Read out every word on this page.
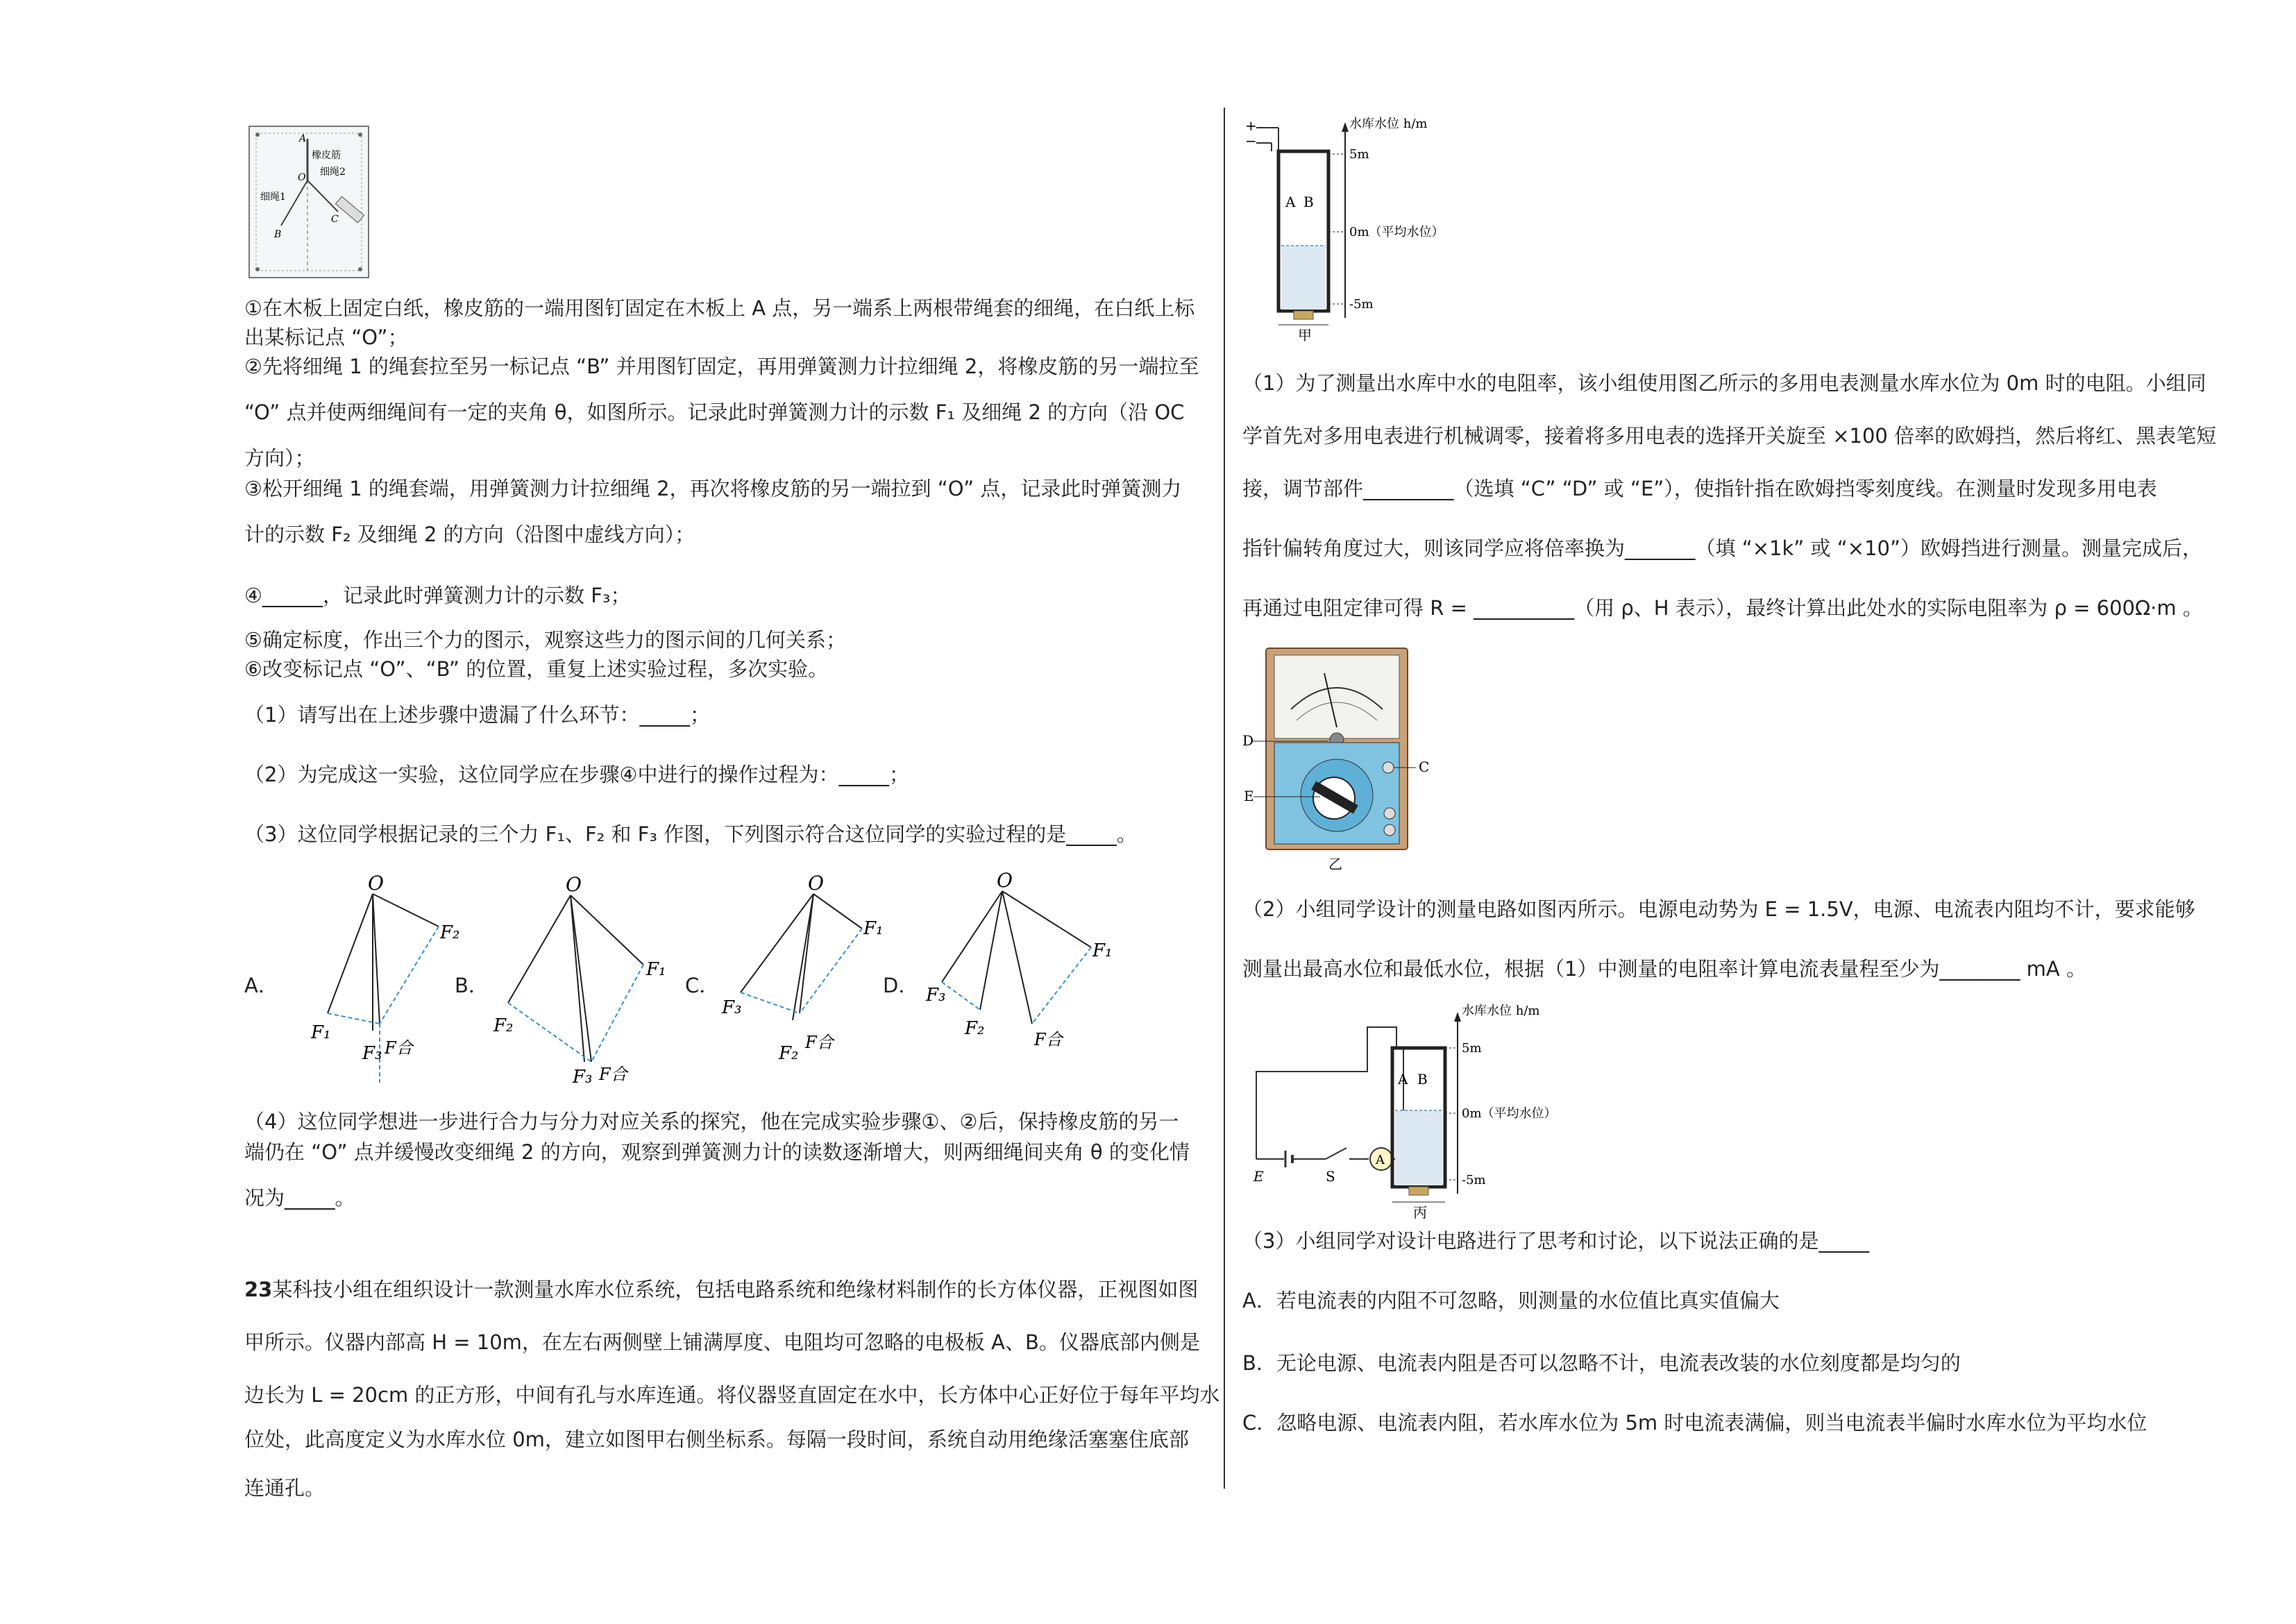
A
O
橡皮筋
细绳2
细绳1
B
C
①在木板上固定白纸，橡皮筋的一端用图钉固定在木板上 A 点，另一端系上两根带绳套的细绳，在白纸上标
出某标记点 “O”；
②先将细绳 1 的绳套拉至另一标记点 “B” 并用图钉固定，再用弹簧测力计拉细绳 2，将橡皮筋的另一端拉至
“O” 点并使两细绳间有一定的夹角 θ，如图所示。记录此时弹簧测力计的示数 F₁ 及细绳 2 的方向（沿 OC
方向）；
③松开细绳 1 的绳套端，用弹簧测力计拉细绳 2，再次将橡皮筋的另一端拉到 “O” 点，记录此时弹簧测力
计的示数 F₂ 及细绳 2 的方向（沿图中虚线方向）；
④______，记录此时弹簧测力计的示数 F₃；
⑤确定标度，作出三个力的图示，观察这些力的图示间的几何关系；
⑥改变标记点 “O”、“B” 的位置，重复上述实验过程，多次实验。
（1）请写出在上述步骤中遗漏了什么环节：_____；
（2）为完成这一实验，这位同学应在步骤④中进行的操作过程为：_____；
（3）这位同学根据记录的三个力 F₁、F₂ 和 F₃ 作图，下列图示符合这位同学的实验过程的是_____。
A．
O
F₂
F₁
F₃ F合
B．
O
F₁
F₂
F₃ F合
C．
O
F₁
F₃
F₂
F合
D．
O
F₁
F₃
F₂
F合
（4）这位同学想进一步进行合力与分力对应关系的探究，他在完成实验步骤①、②后，保持橡皮筋的另一
端仍在 “O” 点并缓慢改变细绳 2 的方向，观察到弹簧测力计的读数逐渐增大，则两细绳间夹角 θ 的变化情
况为_____。
23某科技小组在组织设计一款测量水库水位系统，包括电路系统和绝缘材料制作的长方体仪器，正视图如图
甲所示。仪器内部高 H = 10m，在左右两侧壁上铺满厚度、电阻均可忽略的电极板 A、B。仪器底部内侧是
边长为 L = 20cm 的正方形，中间有孔与水库连通。将仪器竖直固定在水中，长方体中心正好位于每年平均水
位处，此高度定义为水库水位 0m，建立如图甲右侧坐标系。每隔一段时间，系统自动用绝缘活塞塞住底部
连通孔。
+
−
A B
水库水位 h/m
5m
0m（平均水位）
-5m
甲
（1）为了测量出水库中水的电阻率，该小组使用图乙所示的多用电表测量水库水位为 0m 时的电阻。小组同
学首先对多用电表进行机械调零，接着将多用电表的选择开关旋至 ×100 倍率的欧姆挡，然后将红、黑表笔短
接，调节部件_________（选填 “C” “D” 或 “E”），使指针指在欧姆挡零刻度线。在测量时发现多用电表
指针偏转角度过大，则该同学应将倍率换为_______（填 “×1k” 或 “×10”）欧姆挡进行测量。测量完成后，
再通过电阻定律可得 R = __________（用 ρ、H 表示），最终计算出此处水的实际电阻率为 ρ = 600Ω·m 。
D
E
C
乙
（2）小组同学设计的测量电路如图丙所示。电源电动势为 E = 1.5V，电源、电流表内阻均不计，要求能够
测量出最高水位和最低水位，根据（1）中测量的电阻率计算电流表量程至少为________ mA 。
A
A B
水库水位 h/m
5m
0m（平均水位）
-5m
E	S
丙
（3）小组同学对设计电路进行了思考和讨论，以下说法正确的是_____
A．若电流表的内阻不可忽略，则测量的水位值比真实值偏大
B．无论电源、电流表内阻是否可以忽略不计，电流表改装的水位刻度都是均匀的
C．忽略电源、电流表内阻，若水库水位为 5m 时电流表满偏，则当电流表半偏时水库水位为平均水位
